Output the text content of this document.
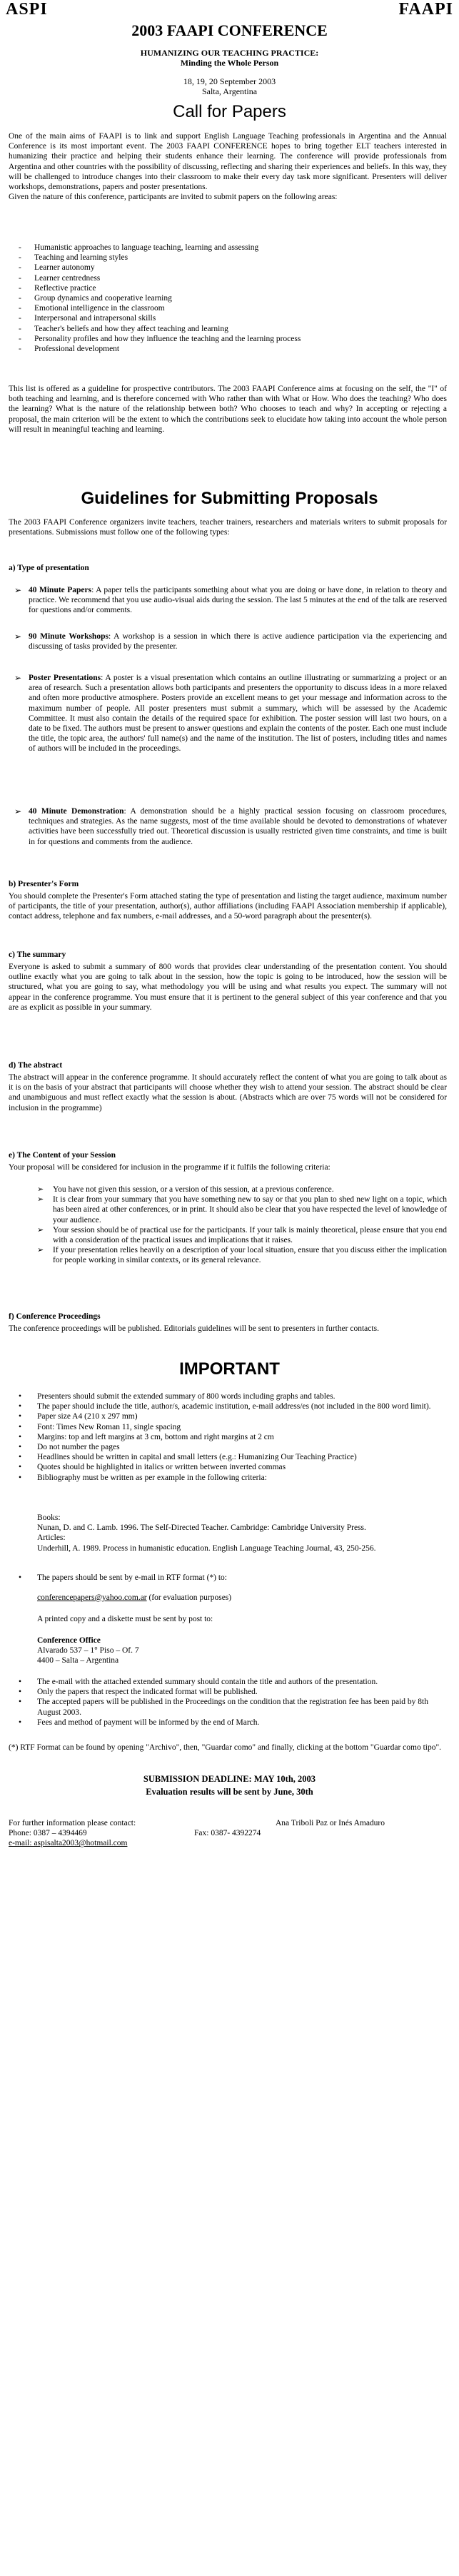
ASPI	FAAPI
2003 FAAPI CONFERENCE
HUMANIZING OUR TEACHING PRACTICE:
Minding the Whole Person
18, 19, 20 September 2003
Salta, Argentina
Call for Papers

One of the main aims of FAAPI is to link and support English Language Teaching professionals in Argentina and the Annual Conference is its most important event. The 2003 FAAPI CONFERENCE hopes to bring together ELT teachers interested in humanizing their practice and helping their students enhance their learning. The conference will provide professionals from Argentina and other countries with the possibility of discussing, reflecting and sharing their experiences and beliefs. In this way, they will be challenged to introduce changes into their classroom to make their every day task more significant. Presenters will deliver workshops, demonstrations, papers and poster presentations.

Given the nature of this conference, participants are invited to submit papers on the following areas:

- Humanistic approaches to language teaching, learning and assessing
- Teaching and learning styles
- Learner autonomy
- Learner centredness
- Reflective practice
- Group dynamics and cooperative learning
- Emotional intelligence in the classroom
- Interpersonal and intrapersonal skills
- Teacher's beliefs and how they affect teaching and learning
- Personality profiles and how they influence the teaching and the learning process
- Professional development
This list is offered as a guideline for prospective contributors. The 2003 FAAPI Conference aims at focusing on the self, the "I" of both teaching and learning, and is therefore concerned with Who rather than with What or How. Who does the teaching? Who does the learning? What is the nature of the relationship between both? Who chooses to teach and why? In accepting or rejecting a proposal, the main criterion will be the extent to which the contributions seek to elucidate how taking into account the whole person will result in meaningful teaching and learning.
Guidelines for Submitting Proposals
The 2003 FAAPI Conference organizers invite teachers, teacher trainers, researchers and materials writers to submit proposals for presentations. Submissions must follow one of the following types:
a) Type of presentation
➢ 40 Minute Papers: A paper tells the participants something about what you are doing or have done, in relation to theory and practice. We recommend that you use audio-visual aids during the session. The last 5 minutes at the end of the talk are reserved for questions and/or comments.
➢ 90 Minute Workshops: A workshop is a session in which there is active audience participation via the experiencing and discussing of tasks provided by the presenter.
➢ Poster Presentations: A poster is a visual presentation which contains an outline illustrating or summarizing a project or an area of research. Such a presentation allows both participants and presenters the opportunity to discuss ideas in a more relaxed and often more productive atmosphere. Posters provide an excellent means to get your message and information across to the maximum number of people. All poster presenters must submit a summary, which will be assessed by the Academic Committee. It must also contain the details of the required space for exhibition. The poster session will last two hours, on a date to be fixed. The authors must be present to answer questions and explain the contents of the poster. Each one must include the title, the topic area, the authors' full name(s) and the name of the institution. The list of posters, including titles and names of authors will be included in the proceedings.
➢ 40 Minute Demonstration: A demonstration should be a highly practical session focusing on classroom procedures, techniques and strategies. As the name suggests, most of the time available should be devoted to demonstrations of whatever activities have been successfully tried out. Theoretical discussion is usually restricted given time constraints, and time is built in for questions and comments from the audience.
b) Presenter's Form
You should complete the Presenter's Form attached stating the type of presentation and listing the target audience, maximum number of participants, the title of your presentation, author(s), author affiliations (including FAAPI Association membership if applicable), contact address, telephone and fax numbers, e-mail addresses, and a 50-word paragraph about the presenter(s).
c) The summary
Everyone is asked to submit a summary of 800 words that provides clear understanding of the presentation content. You should outline exactly what you are going to talk about in the session, how the topic is going to be introduced, how the session will be structured, what you are going to say, what methodology you will be using and what results you expect. The summary will not appear in the conference programme. You must ensure that it is pertinent to the general subject of this year conference and that you are as explicit as possible in your summary.
d) The abstract
The abstract will appear in the conference programme. It should accurately reflect the content of what you are going to talk about as it is on the basis of your abstract that participants will choose whether they wish to attend your session. The abstract should be clear and unambiguous and must reflect exactly what the session is about. (Abstracts which are over 75 words will not be considered for inclusion in the programme)
e) The Content of your Session
Your proposal will be considered for inclusion in the programme if it fulfils the following criteria:
➢ You have not given this session, or a version of this session, at a previous conference.
➢ It is clear from your summary that you have something new to say or that you plan to shed new light on a topic, which has been aired at other conferences, or in print. It should also be clear that you have respected the level of knowledge of your audience.
➢ Your session should be of practical use for the participants. If your talk is mainly theoretical, please ensure that you end with a consideration of the practical issues and implications that it raises.
➢ If your presentation relies heavily on a description of your local situation, ensure that you discuss either the implication for people working in similar contexts, or its general relevance.
f) Conference Proceedings
The conference proceedings will be published. Editorials guidelines will be sent to presenters in further contacts.
IMPORTANT
• Presenters should submit the extended summary of 800 words including graphs and tables.
• The paper should include the title, author/s, academic institution, e-mail address/es (not included in the 800 word limit).
• Paper size A4 (210 x 297 mm)
• Font: Times New Roman 11, single spacing
• Margins: top and left margins at 3 cm, bottom and right margins at 2 cm
• Do not number the pages
• Headlines should be written in capital and small letters (e.g.: Humanizing Our Teaching Practice)
• Quotes should be highlighted in italics or written between inverted commas
• Bibliography must be written as per example in the following criteria:
Books:
Nunan, D. and C. Lamb. 1996. The Self-Directed Teacher. Cambridge: Cambridge University Press.
Articles:
Underhill, A. 1989. Process in humanistic education. English Language Teaching Journal, 43, 250-256.
• The papers should be sent by e-mail in RTF format (*) to:
conferencepapers@yahoo.com.ar (for evaluation purposes)
A printed copy and a diskette must be sent by post to:
Conference Office
Alvarado 537 – 1° Piso – Of. 7
4400 – Salta – Argentina
• The e-mail with the attached extended summary should contain the title and authors of the presentation.
• Only the papers that respect the indicated format will be published.
• The accepted papers will be published in the Proceedings on the condition that the registration fee has been paid by 8th August 2003.
• Fees and method of payment will be informed by the end of March.
(*) RTF Format can be found by opening "Archivo", then, "Guardar como" and finally, clicking at the bottom "Guardar como tipo".
SUBMISSION DEADLINE: MAY 10th, 2003
Evaluation results will be sent by June, 30th
For further information please contact:	Ana Triboli Paz or Inés Amaduro
Phone: 0387 – 4394469	Fax: 0387- 4392274
e-mail: aspisalta2003@hotmail.com
